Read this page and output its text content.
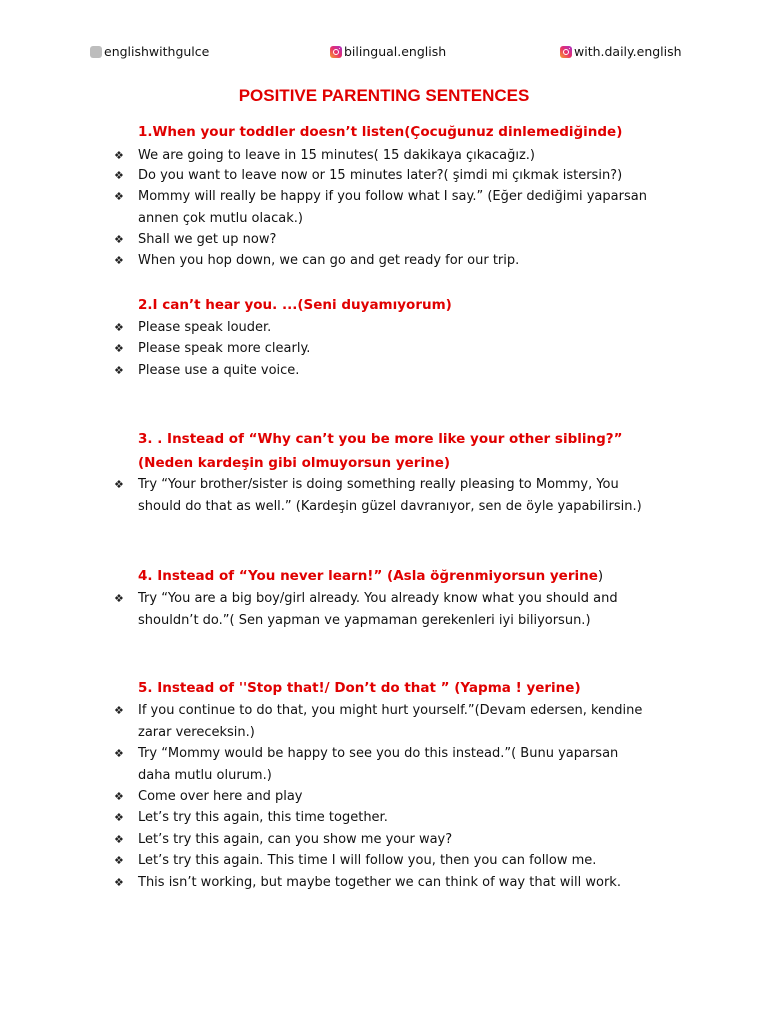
englishwithgulce	bilingual.english	with.daily.english
POSITIVE PARENTING SENTENCES
1.When your toddler doesn’t listen(Çocuğunuz dinlemediğinde)
❖	We are going to leave in 15 minutes( 15 dakikaya çıkacağız.)
❖	Do you want to leave now or 15 minutes later?( şimdi mi çıkmak istersin?)
❖	Mommy will really be happy if you follow what I say.” (Eğer dediğimi yaparsan annen çok mutlu olacak.)
❖	Shall we get up now?
❖	When you hop down, we can go and get ready for our trip.
2.I can’t hear you. ...(Seni duyamıyorum)
❖	Please speak louder.
❖	Please speak more clearly.
❖	Please use a quite voice.
3. . Instead of “Why can’t you be more like your other sibling?”
(Neden kardeşin gibi olmuyorsun yerine)
❖	Try “Your brother/sister is doing something really pleasing to Mommy, You should do that as well.” (Kardeşin güzel davranıyor, sen de öyle yapabilirsin.)
4. Instead of “You never learn!” (Asla öğrenmiyorsun yerine)
❖	Try “You are a big boy/girl already. You already know what you should and shouldn’t do.”( Sen yapman ve yapmaman gerekenleri iyi biliyorsun.)
5. Instead of ''Stop that!/ Don’t do that ” (Yapma ! yerine)
❖	If you continue to do that, you might hurt yourself.”(Devam edersen, kendine zarar vereceksin.)
❖	Try “Mommy would be happy to see you do this instead.”( Bunu yaparsan daha mutlu olurum.)
❖	Come over here and play
❖	Let’s try this again, this time together.
❖	Let’s try this again, can you show me your way?
❖	Let’s try this again. This time I will follow you, then you can follow me.
❖	This isn’t working, but maybe together we can think of way that will work.
